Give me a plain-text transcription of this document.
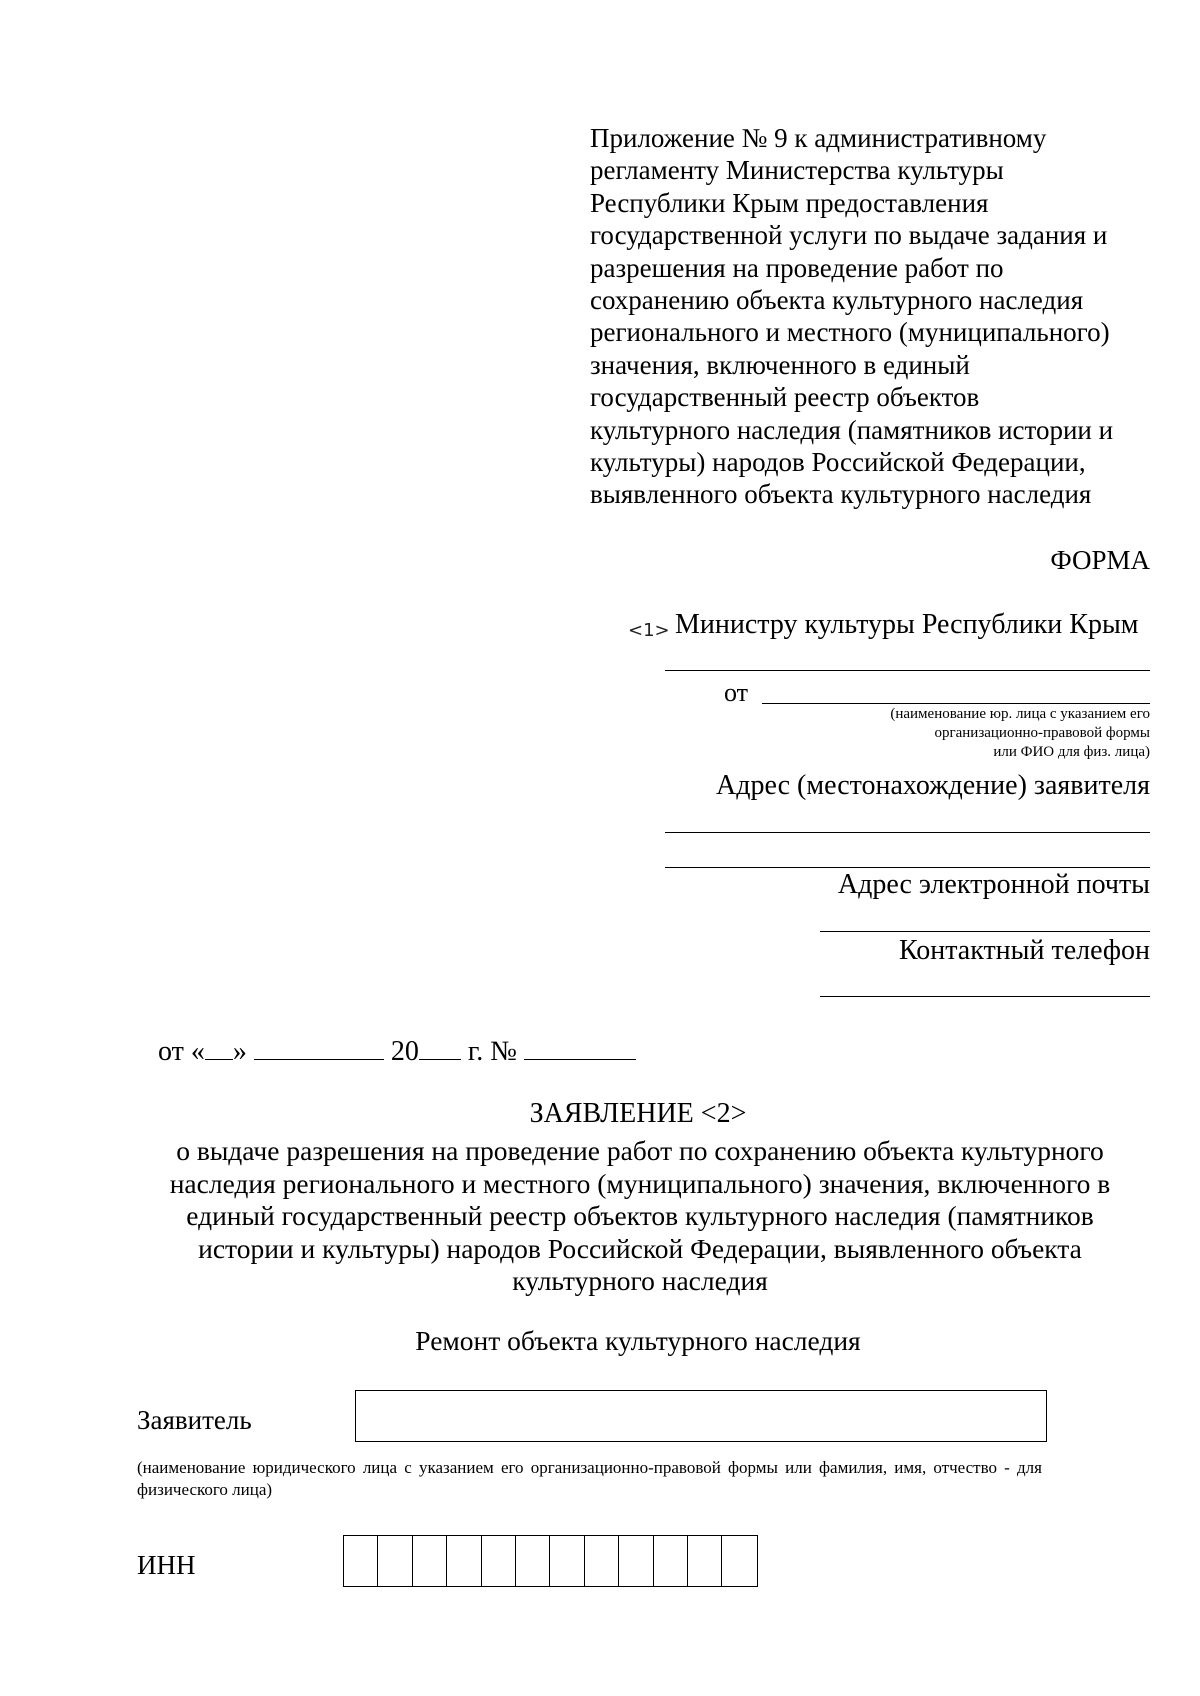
Приложение № 9 к административному
регламенту Министерства культуры
Республики Крым предоставления
государственной услуги по выдаче задания и
разрешения на проведение работ по
сохранению объекта культурного наследия
регионального и местного (муниципального)
значения, включенного в единый
государственный реестр объектов
культурного наследия (памятников истории и
культуры) народов Российской Федерации,
выявленного объекта культурного наследия
ФОРМА
<1> Министру культуры Республики Крым
от
(наименование юр. лица с указанием его
организационно-правовой формы
или ФИО для физ. лица)
Адрес (местонахождение) заявителя
Адрес электронной почты
Контактный телефон
от « »	20 г. №
ЗАЯВЛЕНИЕ <2>
о выдаче разрешения на проведение работ по сохранению объекта культурного
наследия регионального и местного (муниципального) значения, включенного в
единый государственный реестр объектов культурного наследия (памятников
истории и культуры) народов Российской Федерации, выявленного объекта
культурного наследия
Ремонт объекта культурного наследия
Заявитель
(наименование юридического лица с указанием его организационно-правовой формы или фамилия, имя, отчество - для физического лица)
ИНН
